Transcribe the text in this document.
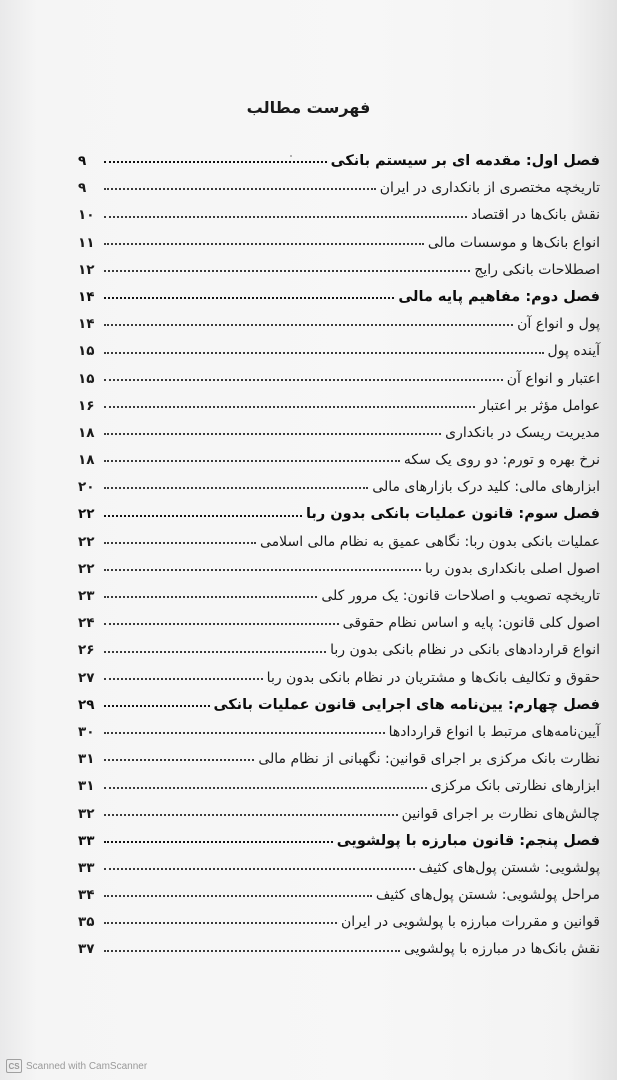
فهرست مطالب
فصل اول: مقدمه ای بر سیستم بانکی
۹
تاریخچه مختصری از بانکداری در ایران
۹
نقش بانک‌ها در اقتصاد
۱۰
انواع بانک‌ها و موسسات مالی
۱۱
اصطلاحات بانکی رایج
۱۲
فصل دوم: مفاهیم پایه مالی
۱۴
پول و انواع آن
۱۴
آینده پول
۱۵
اعتبار و انواع آن
۱۵
عوامل مؤثر بر اعتبار
۱۶
مدیریت ریسک در بانکداری
۱۸
نرخ بهره و تورم: دو روی یک سکه
۱۸
ابزارهای مالی: کلید درک بازارهای مالی
۲۰
فصل سوم: قانون عملیات بانکی بدون ربا
۲۲
عملیات بانکی بدون ربا: نگاهی عمیق به نظام مالی اسلامی
۲۲
اصول اصلی بانکداری بدون ربا
۲۲
تاریخچه تصویب و اصلاحات قانون: یک مرور کلی
۲۳
اصول کلی قانون: پایه و اساس نظام حقوقی
۲۴
انواع قراردادهای بانکی در نظام بانکی بدون ربا
۲۶
حقوق و تکالیف بانک‌ها و مشتریان در نظام بانکی بدون ربا
۲۷
فصل چهارم: یین‌نامه های اجرایی قانون عملیات بانکی
۲۹
آیین‌نامه‌های مرتبط با انواع قراردادها
۳۰
نظارت بانک مرکزی بر اجرای قوانین: نگهبانی از نظام مالی
۳۱
ابزارهای نظارتی بانک مرکزی
۳۱
چالش‌های نظارت بر اجرای قوانین
۳۲
فصل پنجم: قانون مبارزه با پولشویی
۳۳
پولشویی: شستن پول‌های کثیف
۳۳
مراحل پولشویی: شستن پول‌های کثیف
۳۴
قوانین و مقررات مبارزه با پولشویی در ایران
۳۵
نقش بانک‌ها در مبارزه با پولشویی
۳۷
CS Scanned with CamScanner
